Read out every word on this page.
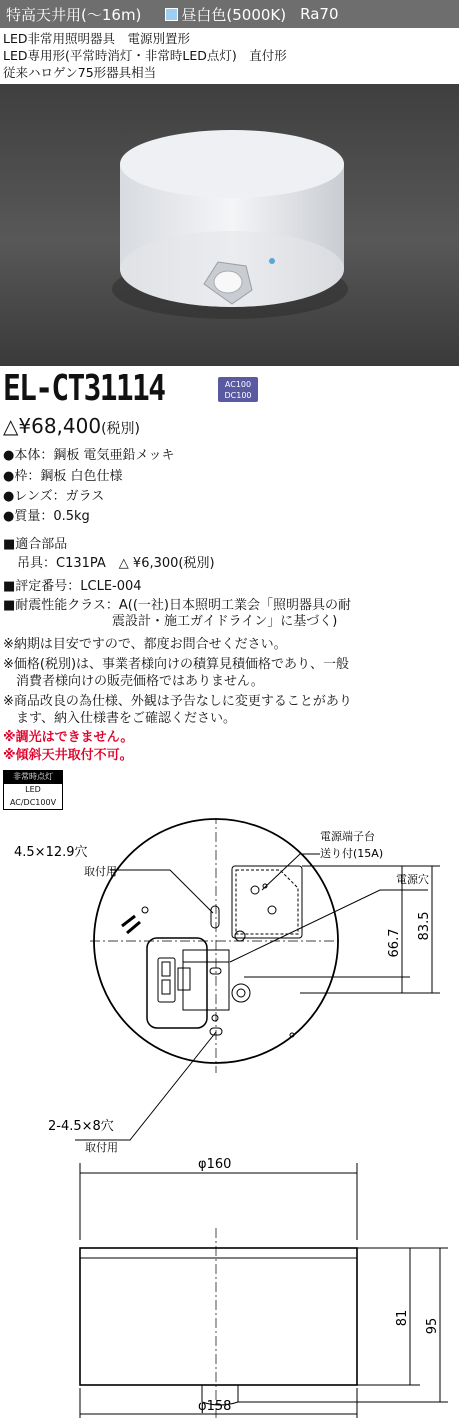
特高天井用(～16m)	昼白色(5000K) Ra70
LED非常用照明器具　電源別置形
LED専用形(平常時消灯・非常時LED点灯)　直付形
従来ハロゲン75形器具相当
EL-CT31114	AC100
DC100
△¥68,400(税別)
●本体：鋼板 電気亜鉛メッキ
●枠：鋼板 白色仕様
●レンズ：ガラス
●質量：0.5kg
■適合部品
吊具：C131PA　△ ¥6,300(税別)
■評定番号：LCLE-004
■耐震性能クラス：A((一社)日本照明工業会「照明器具の耐
震設計・施工ガイドライン」に基づく)
※納期は目安ですので、都度お問合せください。
※価格(税別)は、事業者様向けの積算見積価格であり、一般
　消費者様向けの販売価格ではありません。
※商品改良の為仕様、外観は予告なしに変更することがあり
　ます、納入仕様書をご確認ください。
※調光はできません。
※傾斜天井取付不可。
非常時点灯
LED
AC/DC100V
4.5×12.9穴
取付用
電源端子台
送り付(15A)
電源穴
66.7
83.5
2-4.5×8穴
取付用
φ160
81 95
φ158
